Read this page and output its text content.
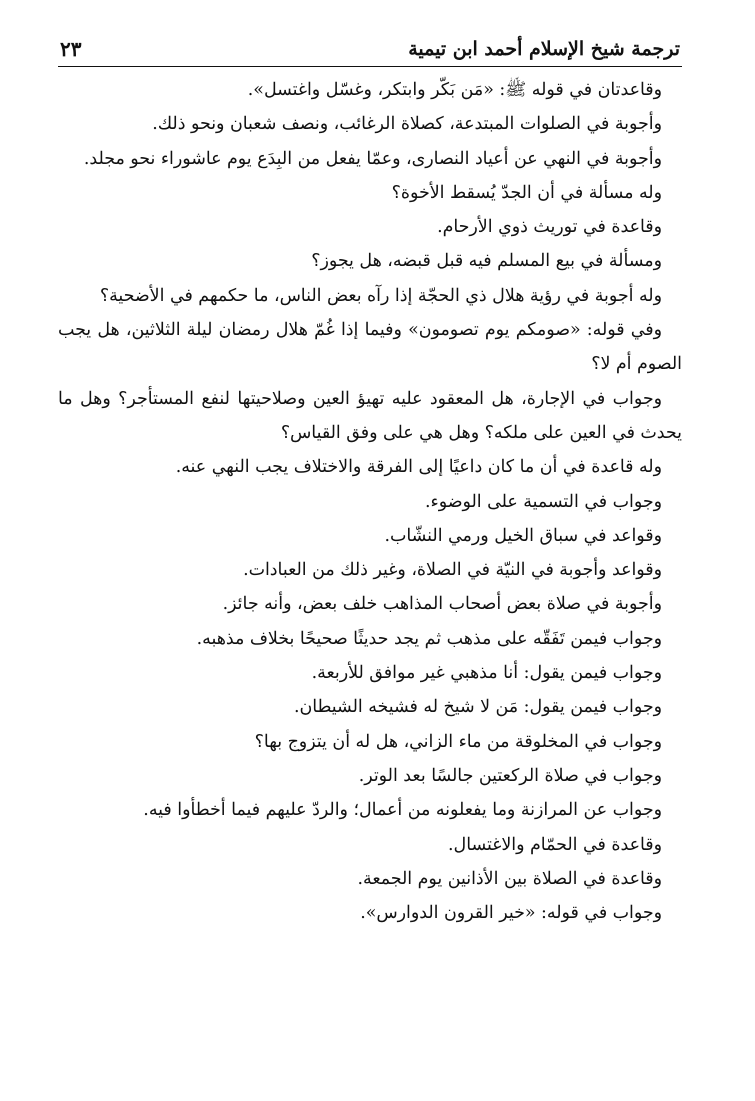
ترجمة شيخ الإسلام أحمد ابن تيمية
٢٣

وقاعدتان في قوله ﷺ: «مَن بَكّر وابتكر، وغسّل واغتسل».

وأجوبة في الصلوات المبتدعة، كصلاة الرغائب، ونصف شعبان ونحو ذلك.

وأجوبة في النهي عن أعياد النصارى، وعمّا يفعل من البِدَع يوم عاشوراء نحو مجلد.

وله مسألة في أن الجدّ يُسقط الأخوة؟

وقاعدة في توريث ذوي الأرحام.

ومسألة في بيع المسلم فيه قبل قبضه، هل يجوز؟

وله أجوبة في رؤية هلال ذي الحجّة إذا رآه بعض الناس، ما حكمهم في الأضحية؟

وفي قوله: «صومكم يوم تصومون» وفيما إذا غُمّ هلال رمضان ليلة الثلاثين، هل يجب الصوم أم لا؟

وجواب في الإجارة، هل المعقود عليه تهيؤ العين وصلاحيتها لنفع المستأجر؟ وهل ما يحدث في العين على ملكه؟ وهل هي على وفق القياس؟

وله قاعدة في أن ما كان داعيًا إلى الفرقة والاختلاف يجب النهي عنه.

وجواب في التسمية على الوضوء.

وقواعد في سباق الخيل ورمي النشّاب.

وقواعد وأجوبة في النيّة في الصلاة، وغير ذلك من العبادات.

وأجوبة في صلاة بعض أصحاب المذاهب خلف بعض، وأنه جائز.

وجواب فيمن تَفَقّه على مذهب ثم يجد حديثًا صحيحًا بخلاف مذهبه.

وجواب فيمن يقول: أنا مذهبي غير موافق للأربعة.

وجواب فيمن يقول: مَن لا شيخ له فشيخه الشيطان.

وجواب في المخلوقة من ماء الزاني، هل له أن يتزوج بها؟

وجواب في صلاة الركعتين جالسًا بعد الوتر.

وجواب عن المرازنة وما يفعلونه من أعمال؛ والردّ عليهم فيما أخطأوا فيه.

وقاعدة في الحمّام والاغتسال.

وقاعدة في الصلاة بين الأذانين يوم الجمعة.

وجواب في قوله: «خير القرون الدوارس».
